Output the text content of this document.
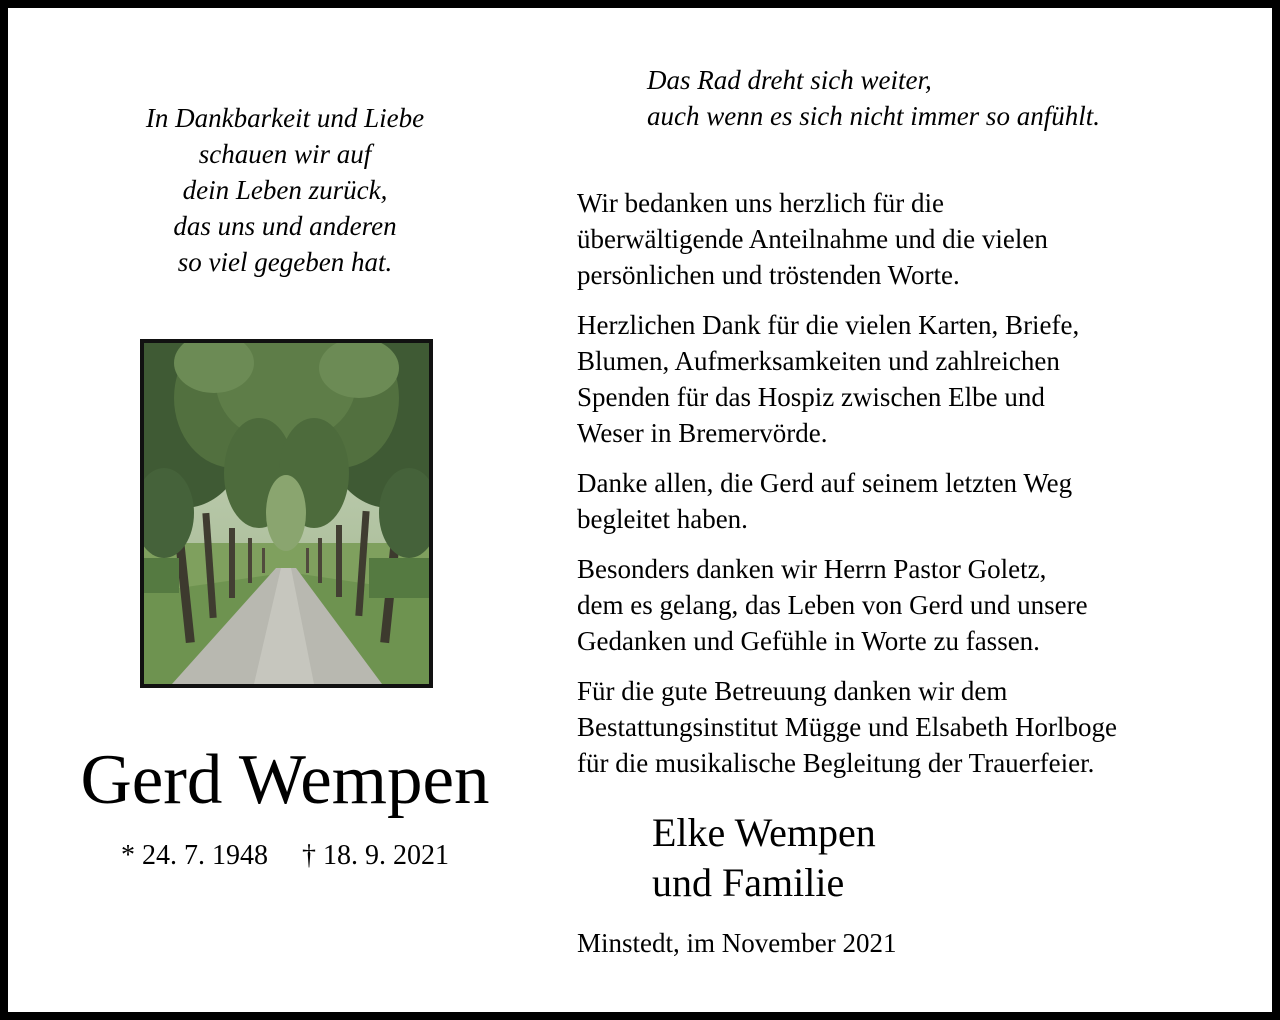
In Dankbarkeit und Liebe
schauen wir auf
dein Leben zurück,
das uns und anderen
so viel gegeben hat.
Gerd Wempen
* 24. 7. 1948 † 18. 9. 2021
Das Rad dreht sich weiter,
auch wenn es sich nicht immer so anfühlt.

Wir bedanken uns herzlich für die
überwältigende Anteilnahme und die vielen
persönlichen und tröstenden Worte.

Herzlichen Dank für die vielen Karten, Briefe,
Blumen, Aufmerksamkeiten und zahlreichen
Spenden für das Hospiz zwischen Elbe und
Weser in Bremervörde.

Danke allen, die Gerd auf seinem letzten Weg
begleitet haben.

Besonders danken wir Herrn Pastor Goletz,
dem es gelang, das Leben von Gerd und unsere
Gedanken und Gefühle in Worte zu fassen.

Für die gute Betreuung danken wir dem
Bestattungsinstitut Mügge und Elsabeth Horlboge
für die musikalische Begleitung der Trauerfeier.

Elke Wempen
und Familie
Minstedt, im November 2021
